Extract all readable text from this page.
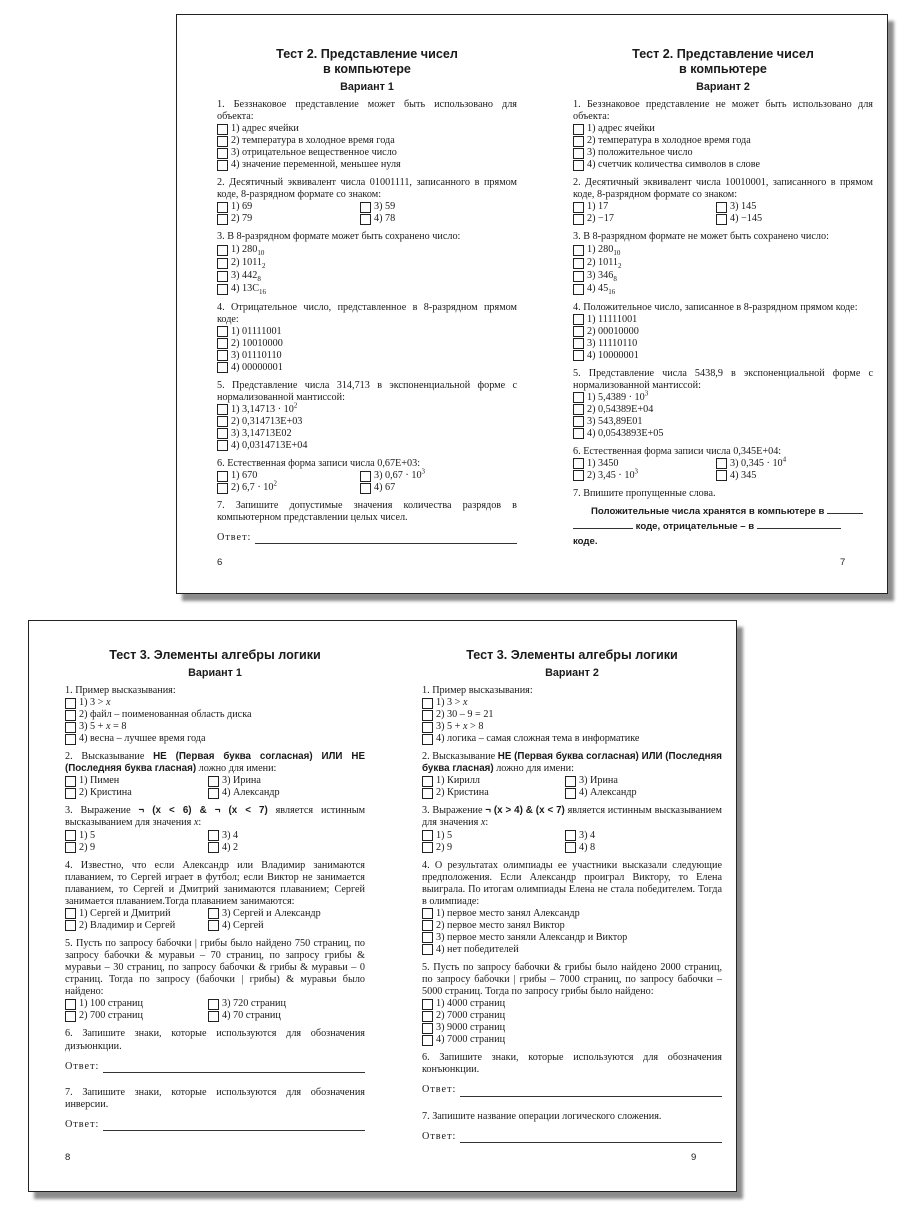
Тест 2. Представление чисел
в компьютере
Вариант 1
1. Беззнаковое представление может быть использовано для объекта:
1) адрес ячейки
2) температура в холодное время года
3) отрицательное вещественное число
4) значение переменной, меньшее нуля
2. Десятичный эквивалент числа 01001111, записанного в прямом коде, 8-разрядном формате со знаком:
1) 69	3) 59
2) 79	4) 78
3. В 8-разрядном формате может быть сохранено число:
1) $280_{10}$
2) $1011_2$
3) $442_8$
4) $13C_{16}$
4. Отрицательное число, представленное в 8-разрядном прямом коде:
1) 01111001
2) 10010000
3) 01110110
4) 00000001
5. Представление числа 314,713 в экспоненциальной форме с нормализованной мантиссой:
1) $3,14713 \cdot 10^2$
2) 0,314713E+03
3) 3,14713E02
4) 0,0314713E+04
6. Естественная форма записи числа 0,67E+03:
1) 670	3) $0,67 \cdot 10^3$
2) $6,7 \cdot 10^2$	4) 67
7. Запишите допустимые значения количества разрядов в компьютерном представлении целых чисел.
Ответ:
6
Тест 2. Представление чисел
в компьютере
Вариант 2
1. Беззнаковое представление не может быть использовано для объекта:
1) адрес ячейки
2) температура в холодное время года
3) положительное число
4) счетчик количества символов в слове
2. Десятичный эквивалент числа 10010001, записанного в прямом коде, 8-разрядном формате со знаком:
1) 17	3) 145
2) −17	4) −145
3. В 8-разрядном формате не может быть сохранено число:
1) $280_{10}$
2) $1011_2$
3) $346_8$
4) $45_{16}$
4. Положительное число, записанное в 8-разрядном прямом коде:
1) 11111001
2) 00010000
3) 11110110
4) 10000001
5. Представление числа 5438,9 в экспоненциальной форме с нормализованной мантиссой:
1) $5,4389 \cdot 10^3$
2) 0,54389E+04
3) 543,89E01
4) 0,0543893E+05
6. Естественная форма записи числа 0,345E+04:
1) 3450	3) $0,345 \cdot 10^4$
2) $3,45 \cdot 10^3$	4) 345
7. Впишите пропущенные слова.
Положительные числа хранятся в компьютере в
коде, отрицательные – в
коде.
7
Тест 3. Элементы алгебры логики
Вариант 1
1. Пример высказывания:
1) 3 > x
2) файл – поименованная область диска
3) 5 + x = 8
4) весна – лучшее время года
2. Высказывание НЕ (Первая буква согласная) ИЛИ НЕ (Последняя буква гласная) ложно для имени:
1) Пимен	3) Ирина
2) Кристина	4) Александр
3. Выражение ¬ (x < 6) & ¬ (x < 7) является истинным высказыванием для значения x:
1) 5	3) 4
2) 9	4) 2
4. Известно, что если Александр или Владимир занимаются плаванием, то Сергей играет в футбол; если Виктор не занимается плаванием, то Сергей и Дмитрий занимаются плаванием; Сергей занимается плаванием.Тогда плаванием занимаются:
1) Сергей и Дмитрий	3) Сергей и Александр
2) Владимир и Сергей	4) Сергей
5. Пусть по запросу бабочки | грибы было найдено 750 страниц, по запросу бабочки & муравьи – 70 страниц, по запросу грибы & муравьи – 30 страниц, по запросу бабочки & грибы & муравьи – 0 страниц. Тогда по запросу (бабочки | грибы) & муравьи было найдено:
1) 100 страниц	3) 720 страниц
2) 700 страниц	4) 70 страниц
6. Запишите знаки, которые используются для обозначения дизъюнкции.
Ответ:
7. Запишите знаки, которые используются для обозначения инверсии.
Ответ:
8
Тест 3. Элементы алгебры логики
Вариант 2
1. Пример высказывания:
1) 3 > x
2) 30 – 9 = 21
3) 5 + x > 8
4) логика – самая сложная тема в информатике
2. Высказывание НЕ (Первая буква согласная) ИЛИ (Последняя буква гласная) ложно для имени:
1) Кирилл	3) Ирина
2) Кристина	4) Александр
3. Выражение ¬ (x > 4) & (x < 7) является истинным высказыванием для значения x:
1) 5	3) 4
2) 9	4) 8
4. О результатах олимпиады ее участники высказали следующие предположения. Если Александр проиграл Виктору, то Елена выиграла. По итогам олимпиады Елена не стала победителем. Тогда в олимпиаде:
1) первое место занял Александр
2) первое место занял Виктор
3) первое место заняли Александр и Виктор
4) нет победителей
5. Пусть по запросу бабочки & грибы было найдено 2000 страниц, по запросу бабочки | грибы – 7000 страниц, по запросу бабочки – 5000 страниц. Тогда по запросу грибы было найдено:
1) 4000 страниц
2) 7000 страниц
3) 9000 страниц
4) 7000 страниц
6. Запишите знаки, которые используются для обозначения конъюнкции.
Ответ:
7. Запишите название операции логического сложения.
Ответ:
9
